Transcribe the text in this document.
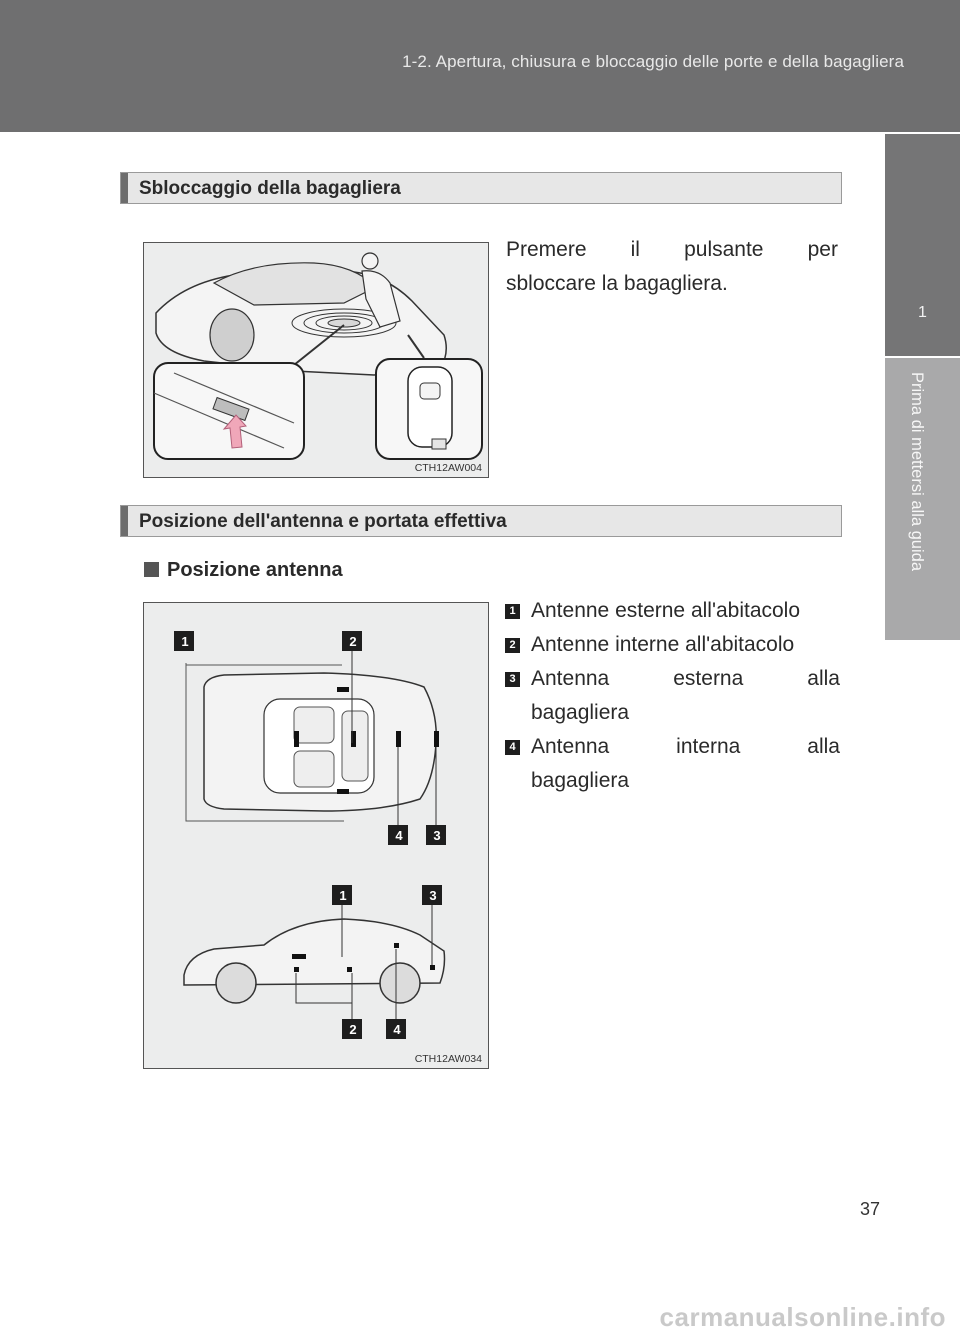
1-2. Apertura, chiusura e bloccaggio delle porte e della bagagliera
1
Prima di mettersi alla guida
Sbloccaggio della bagagliera
CTH12AW004
Premere il pulsante per
sbloccare la bagagliera.
Posizione dell'antenna e portata effettiva
Posizione antenna
1	2
4	3
1	3
2	4
CTH12AW034
1 Antenne esterne all'abitacolo
2 Antenne interne all'abitacolo
3 Antenna	esterna	alla
bagagliera
4 Antenna	interna	alla
bagagliera
37
carmanualsonline.info
